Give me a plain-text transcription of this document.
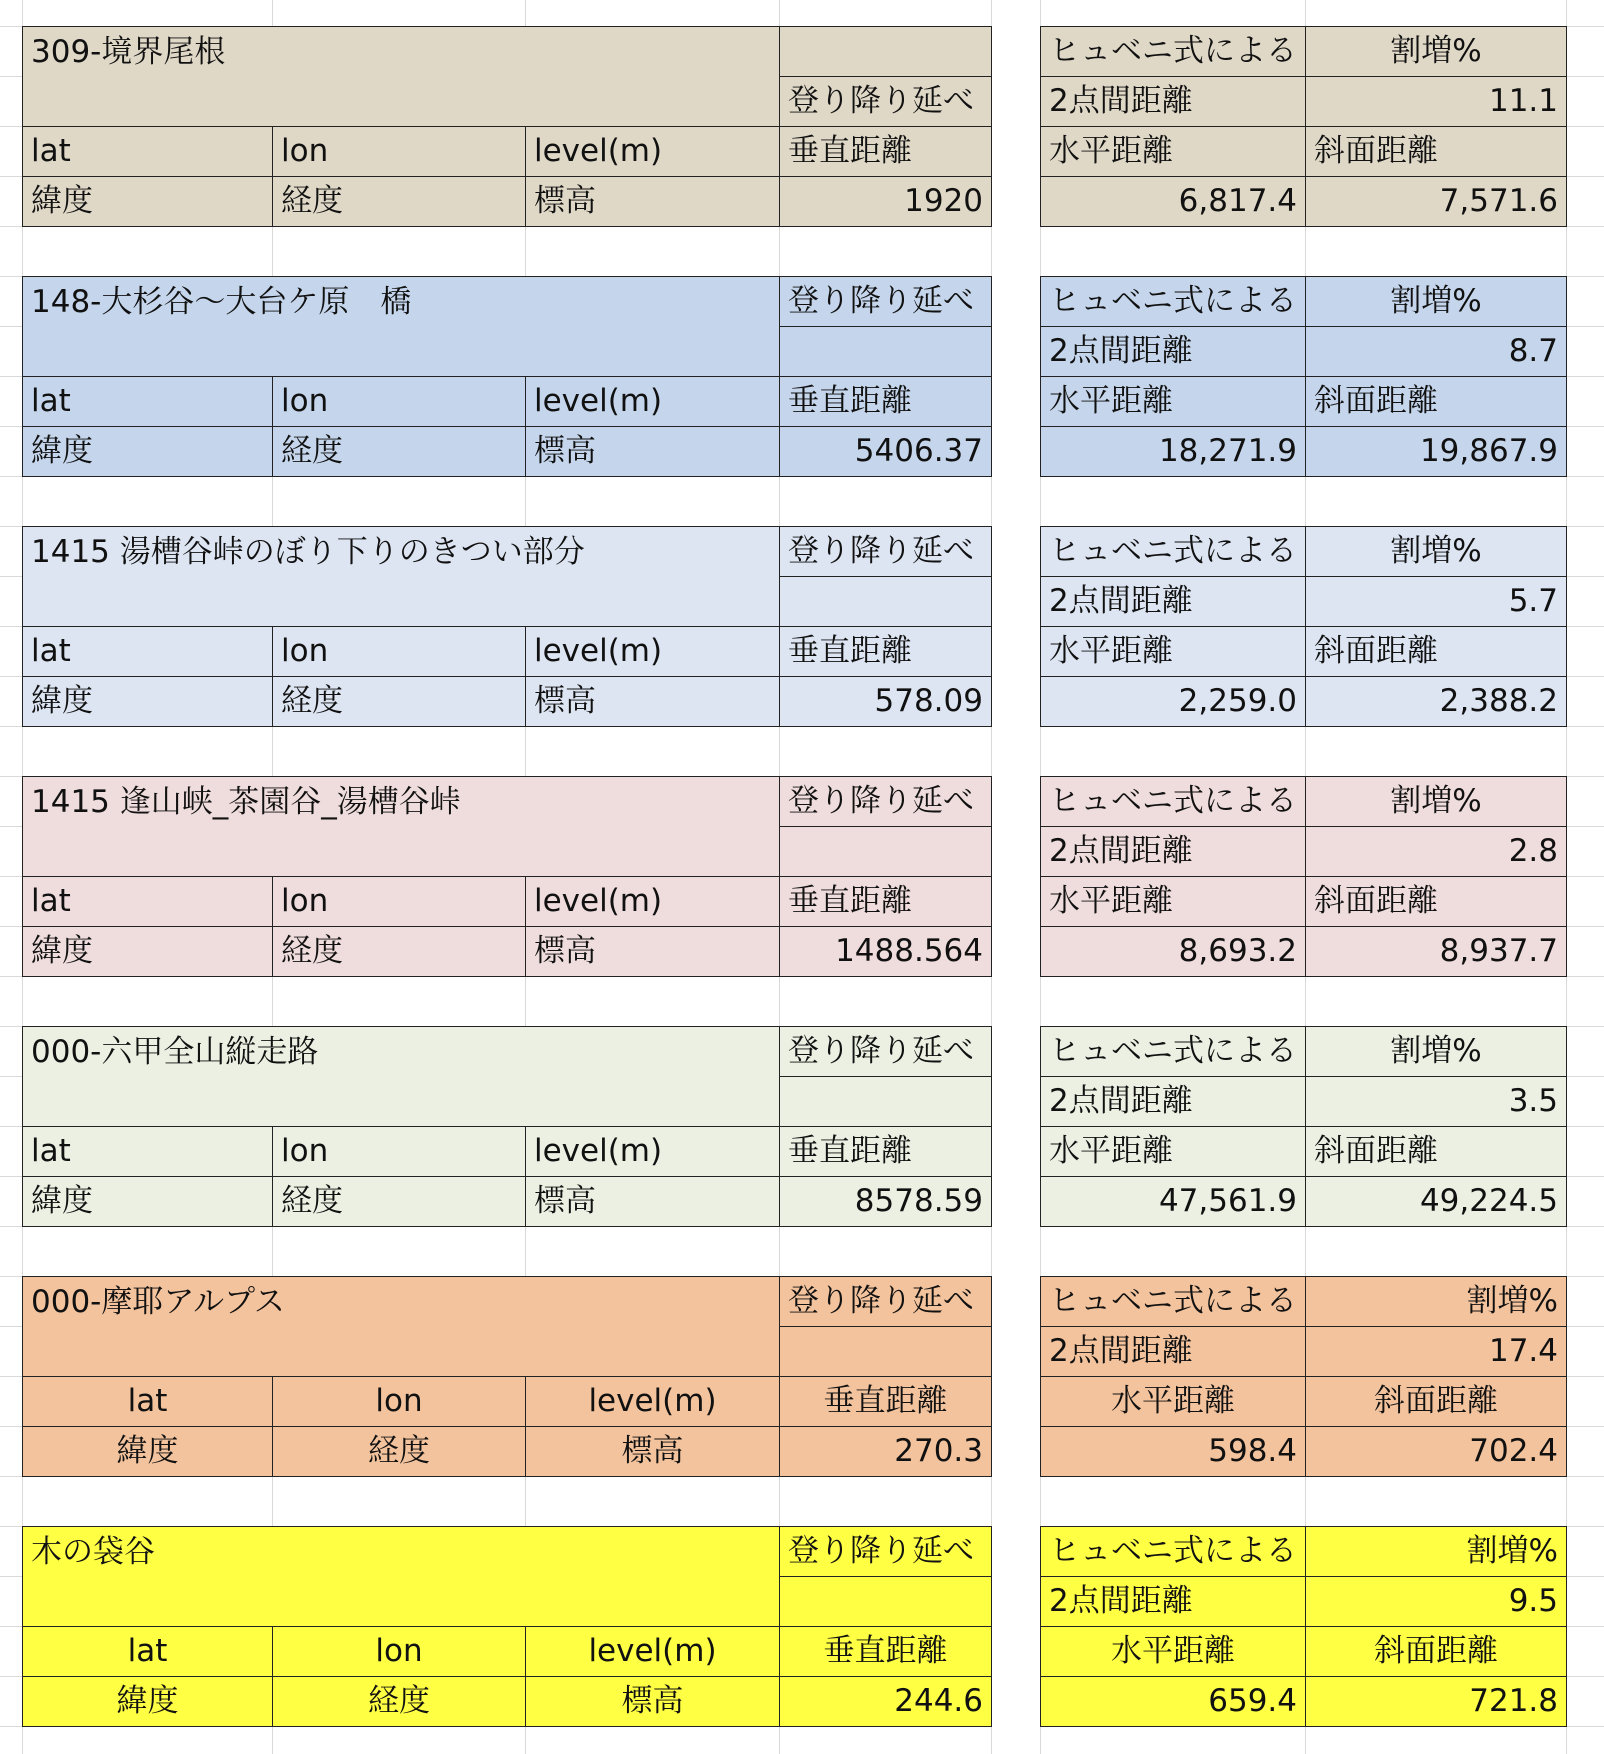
309-境界尾根
登り降り延べ
ヒュベニ式による	割増%
2点間距離	11.1
lat	lon	level(m)	垂直距離	水平距離	斜面距離
緯度	経度	標高	1920	6,817.4	7,571.6
148-大杉谷～大台ケ原　橋	登り降り延べ	ヒュベニ式による	割増%
2点間距離	8.7
lat	lon	level(m)	垂直距離	水平距離	斜面距離
緯度	経度	標高	5406.37	18,271.9	19,867.9
1415 湯槽谷峠のぼり下りのきつい部分	登り降り延べ	ヒュベニ式による	割増%
2点間距離	5.7
lat	lon	level(m)	垂直距離	水平距離	斜面距離
緯度	経度	標高	578.09	2,259.0	2,388.2
1415 逢山峡_茶園谷_湯槽谷峠	登り降り延べ	ヒュベニ式による	割増%
2点間距離	2.8
lat	lon	level(m)	垂直距離	水平距離	斜面距離
緯度	経度	標高	1488.564	8,693.2	8,937.7
000-六甲全山縦走路	登り降り延べ	ヒュベニ式による	割増%
2点間距離	3.5
lat	lon	level(m)	垂直距離	水平距離	斜面距離
緯度	経度	標高	8578.59	47,561.9	49,224.5
000-摩耶アルプス	登り降り延べ	ヒュベニ式による	割増%
2点間距離	17.4
lat	lon	level(m)	垂直距離	水平距離	斜面距離
緯度	経度	標高	270.3	598.4	702.4
木の袋谷	登り降り延べ	ヒュベニ式による	割増%
2点間距離	9.5
lat	lon	level(m)	垂直距離	水平距離	斜面距離
緯度	経度	標高	244.6	659.4	721.8
